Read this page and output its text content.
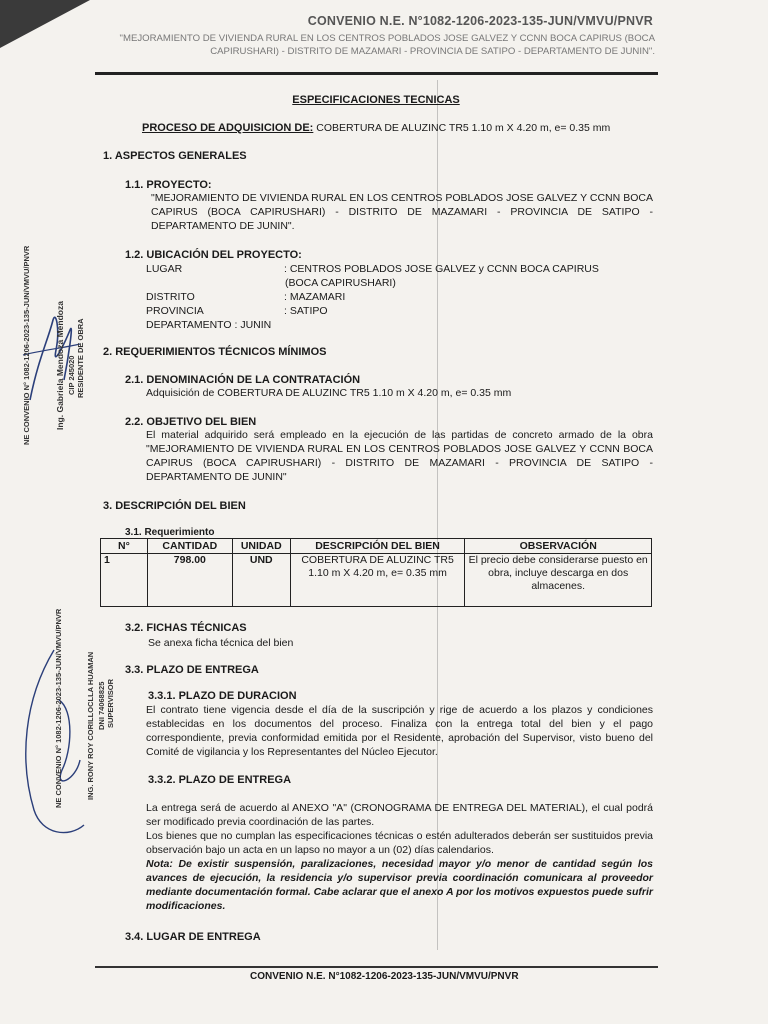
CONVENIO N.E. N°1082-1206-2023-135-JUN/VMVU/PNVR
"MEJORAMIENTO DE VIVIENDA RURAL EN LOS CENTROS POBLADOS JOSE GALVEZ Y CCNN BOCA CAPIRUS (BOCA CAPIRUSHARI) - DISTRITO DE MAZAMARI - PROVINCIA DE SATIPO - DEPARTAMENTO DE JUNIN".
ESPECIFICACIONES TECNICAS
PROCESO DE ADQUISICION DE: COBERTURA DE ALUZINC TR5 1.10 m X 4.20 m, e= 0.35 mm
1. ASPECTOS GENERALES
1.1. PROYECTO:
"MEJORAMIENTO DE VIVIENDA RURAL EN LOS CENTROS POBLADOS JOSE GALVEZ Y CCNN BOCA CAPIRUS (BOCA CAPIRUSHARI) - DISTRITO DE MAZAMARI - PROVINCIA DE SATIPO - DEPARTAMENTO DE JUNIN".
1.2. UBICACIÓN DEL PROYECTO:
LUGAR	: CENTROS POBLADOS JOSE GALVEZ y CCNN BOCA CAPIRUS
(BOCA CAPIRUSHARI)
DISTRITO	: MAZAMARI
PROVINCIA	: SATIPO
DEPARTAMENTO : JUNIN
2. REQUERIMIENTOS TÉCNICOS MÍNIMOS
2.1. DENOMINACIÓN DE LA CONTRATACIÓN
Adquisición de COBERTURA DE ALUZINC TR5 1.10 m X 4.20 m, e= 0.35 mm
2.2. OBJETIVO DEL BIEN
El material adquirido será empleado en la ejecución de las partidas de concreto armado de la obra "MEJORAMIENTO DE VIVIENDA RURAL EN LOS CENTROS POBLADOS JOSE GALVEZ Y CCNN BOCA CAPIRUS (BOCA CAPIRUSHARI) - DISTRITO DE MAZAMARI - PROVINCIA DE SATIPO - DEPARTAMENTO DE JUNIN"
3. DESCRIPCIÓN DEL BIEN
3.1. Requerimiento
N°	CANTIDAD	UNIDAD	DESCRIPCIÓN DEL BIEN	OBSERVACIÓN
1	798.00	UND	COBERTURA DE ALUZINC TR5 1.10 m X 4.20 m, e= 0.35 mm	El precio debe considerarse puesto en obra, incluye descarga en dos almacenes.
3.2. FICHAS TÉCNICAS
Se anexa ficha técnica del bien
3.3. PLAZO DE ENTREGA
3.3.1. PLAZO DE DURACION
El contrato tiene vigencia desde el día de la suscripción y rige de acuerdo a los plazos y condiciones establecidas en los documentos del proceso. Finaliza con la entrega total del bien y el pago correspondiente, previa conformidad emitida por el Residente, aprobación del Supervisor, visto bueno del Comité de vigilancia y los Representantes del Núcleo Ejecutor.
3.3.2. PLAZO DE ENTREGA
La entrega será de acuerdo al ANEXO "A" (CRONOGRAMA DE ENTREGA DEL MATERIAL), el cual podrá ser modificado previa coordinación de las partes.
Los bienes que no cumplan las especificaciones técnicas o estén adulterados deberán ser sustituidos previa observación bajo un acta en un lapso no mayor a un (02) días calendarios.
Nota: De existir suspensión, paralizaciones, necesidad mayor y/o menor de cantidad según los avances de ejecución, la residencia y/o supervisor previa coordinación comunicara al proveedor mediante documentación formal. Cabe aclarar que el anexo A por los motivos expuestos puede sufrir modificaciones.
3.4. LUGAR DE ENTREGA
CONVENIO N.E. N°1082-1206-2023-135-JUN/VMVU/PNVR
NE CONVENIO N° 1082-1206-2023-135-JUN/VMVU/PNVR	Ing. Gabriela Mendoza Mendoza CIP 245020 RESIDENTE DE OBRA
NE CONVENIO N° 1082-1206-2023-135-JUN/VMVU/PNVR	ING. RONY ROY CORILLOCLLA HUAMAN DNI 74068825 SUPERVISOR
